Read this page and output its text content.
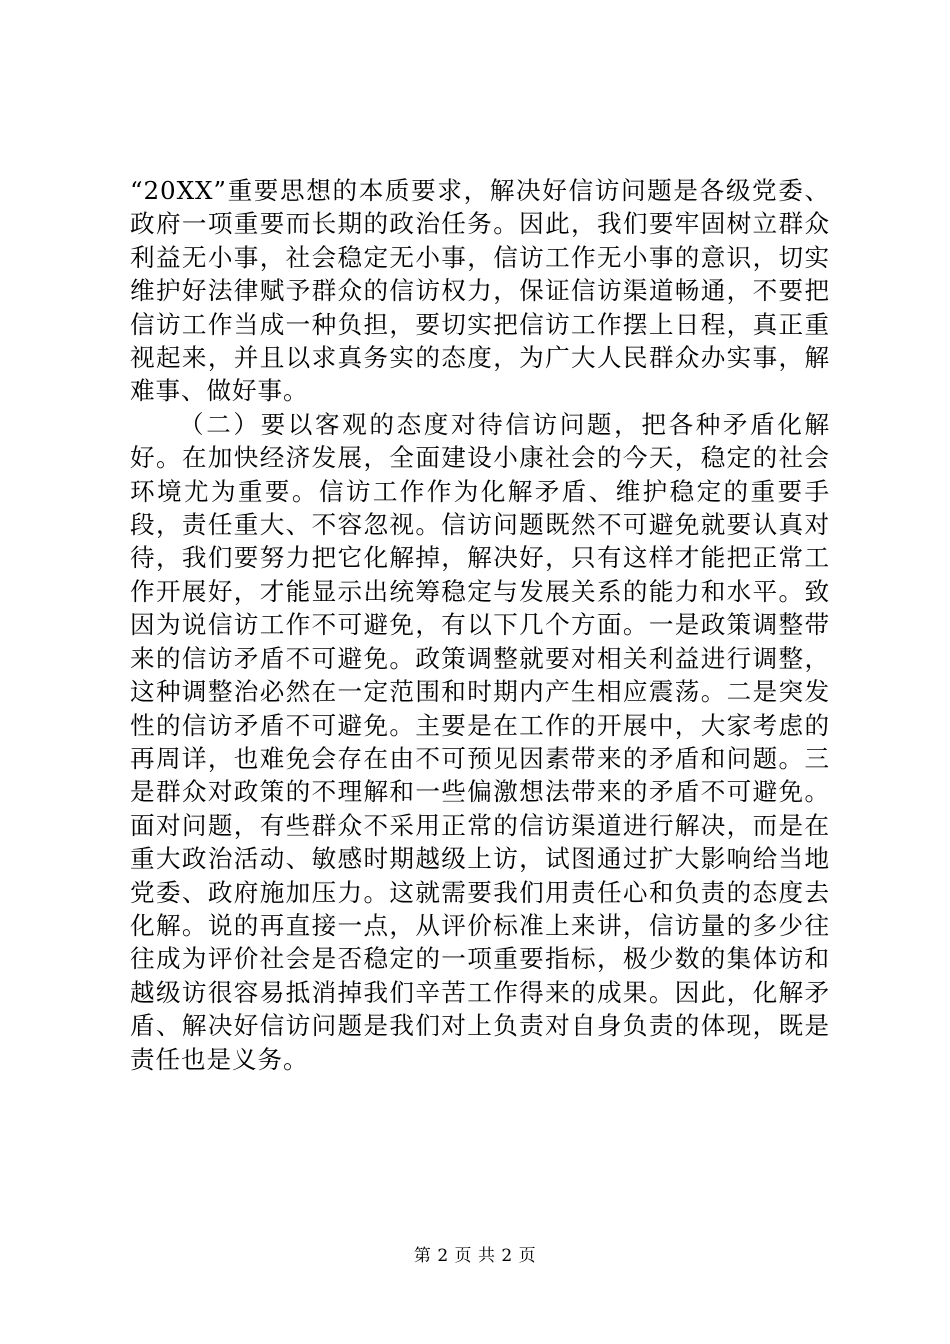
“20XX”重要思想的本质要求，解决好信访问题是各级党委、政府一项重要而长期的政治任务。因此，我们要牢固树立群众利益无小事，社会稳定无小事，信访工作无小事的意识，切实维护好法律赋予群众的信访权力，保证信访渠道畅通，不要把信访工作当成一种负担，要切实把信访工作摆上日程，真正重视起来，并且以求真务实的态度，为广大人民群众办实事，解难事、做好事。

（二）要以客观的态度对待信访问题，把各种矛盾化解好。在加快经济发展，全面建设小康社会的今天，稳定的社会环境尤为重要。信访工作作为化解矛盾、维护稳定的重要手段，责任重大、不容忽视。信访问题既然不可避免就要认真对待，我们要努力把它化解掉，解决好，只有这样才能把正常工作开展好，才能显示出统筹稳定与发展关系的能力和水平。致因为说信访工作不可避免，有以下几个方面。一是政策调整带来的信访矛盾不可避免。政策调整就要对相关利益进行调整，这种调整治必然在一定范围和时期内产生相应震荡。二是突发性的信访矛盾不可避免。主要是在工作的开展中，大家考虑的再周详，也难免会存在由不可预见因素带来的矛盾和问题。三是群众对政策的不理解和一些偏激想法带来的矛盾不可避免。面对问题，有些群众不采用正常的信访渠道进行解决，而是在重大政治活动、敏感时期越级上访，试图通过扩大影响给当地党委、政府施加压力。这就需要我们用责任心和负责的态度去化解。说的再直接一点，从评价标准上来讲，信访量的多少往往成为评价社会是否稳定的一项重要指标，极少数的集体访和越级访很容易抵消掉我们辛苦工作得来的成果。因此，化解矛盾、解决好信访问题是我们对上负责对自身负责的体现，既是责任也是义务。

第 2 页 共 2 页
